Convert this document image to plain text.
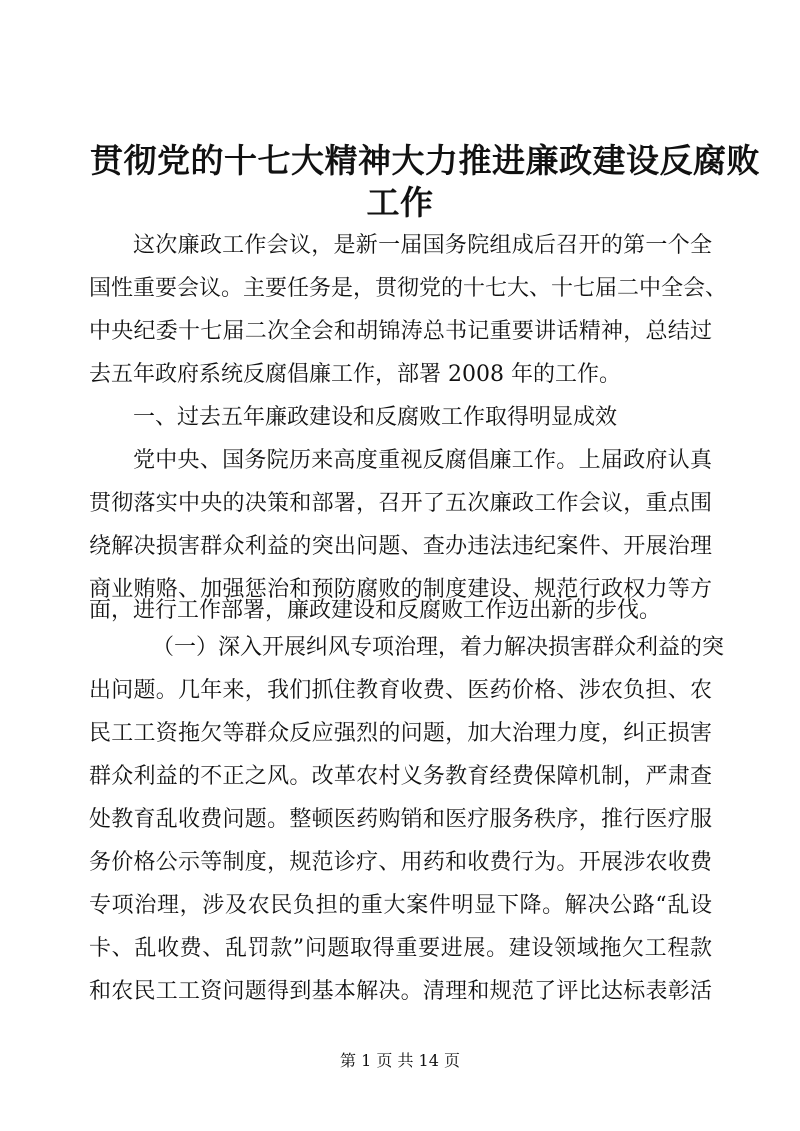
贯彻党的十七大精神大力推进廉政建设反腐败
工作
这次廉政工作会议，是新一届国务院组成后召开的第一个全
国性重要会议。主要任务是，贯彻党的十七大、十七届二中全会、
中央纪委十七届二次全会和胡锦涛总书记重要讲话精神，总结过
去五年政府系统反腐倡廉工作，部署 2008 年的工作。
一、过去五年廉政建设和反腐败工作取得明显成效
党中央、国务院历来高度重视反腐倡廉工作。上届政府认真
贯彻落实中央的决策和部署，召开了五次廉政工作会议，重点围
绕解决损害群众利益的突出问题、查办违法违纪案件、开展治理
商业贿赂、加强惩治和预防腐败的制度建设、规范行政权力等方
面，进行工作部署，廉政建设和反腐败工作迈出新的步伐。
（一）深入开展纠风专项治理，着力解决损害群众利益的突
出问题。几年来，我们抓住教育收费、医药价格、涉农负担、农
民工工资拖欠等群众反应强烈的问题，加大治理力度，纠正损害
群众利益的不正之风。改革农村义务教育经费保障机制，严肃查
处教育乱收费问题。整顿医药购销和医疗服务秩序，推行医疗服
务价格公示等制度，规范诊疗、用药和收费行为。开展涉农收费
专项治理，涉及农民负担的重大案件明显下降。解决公路“乱设
卡、乱收费、乱罚款”问题取得重要进展。建设领域拖欠工程款
和农民工工资问题得到基本解决。清理和规范了评比达标表彰活
第 1 页 共 14 页
